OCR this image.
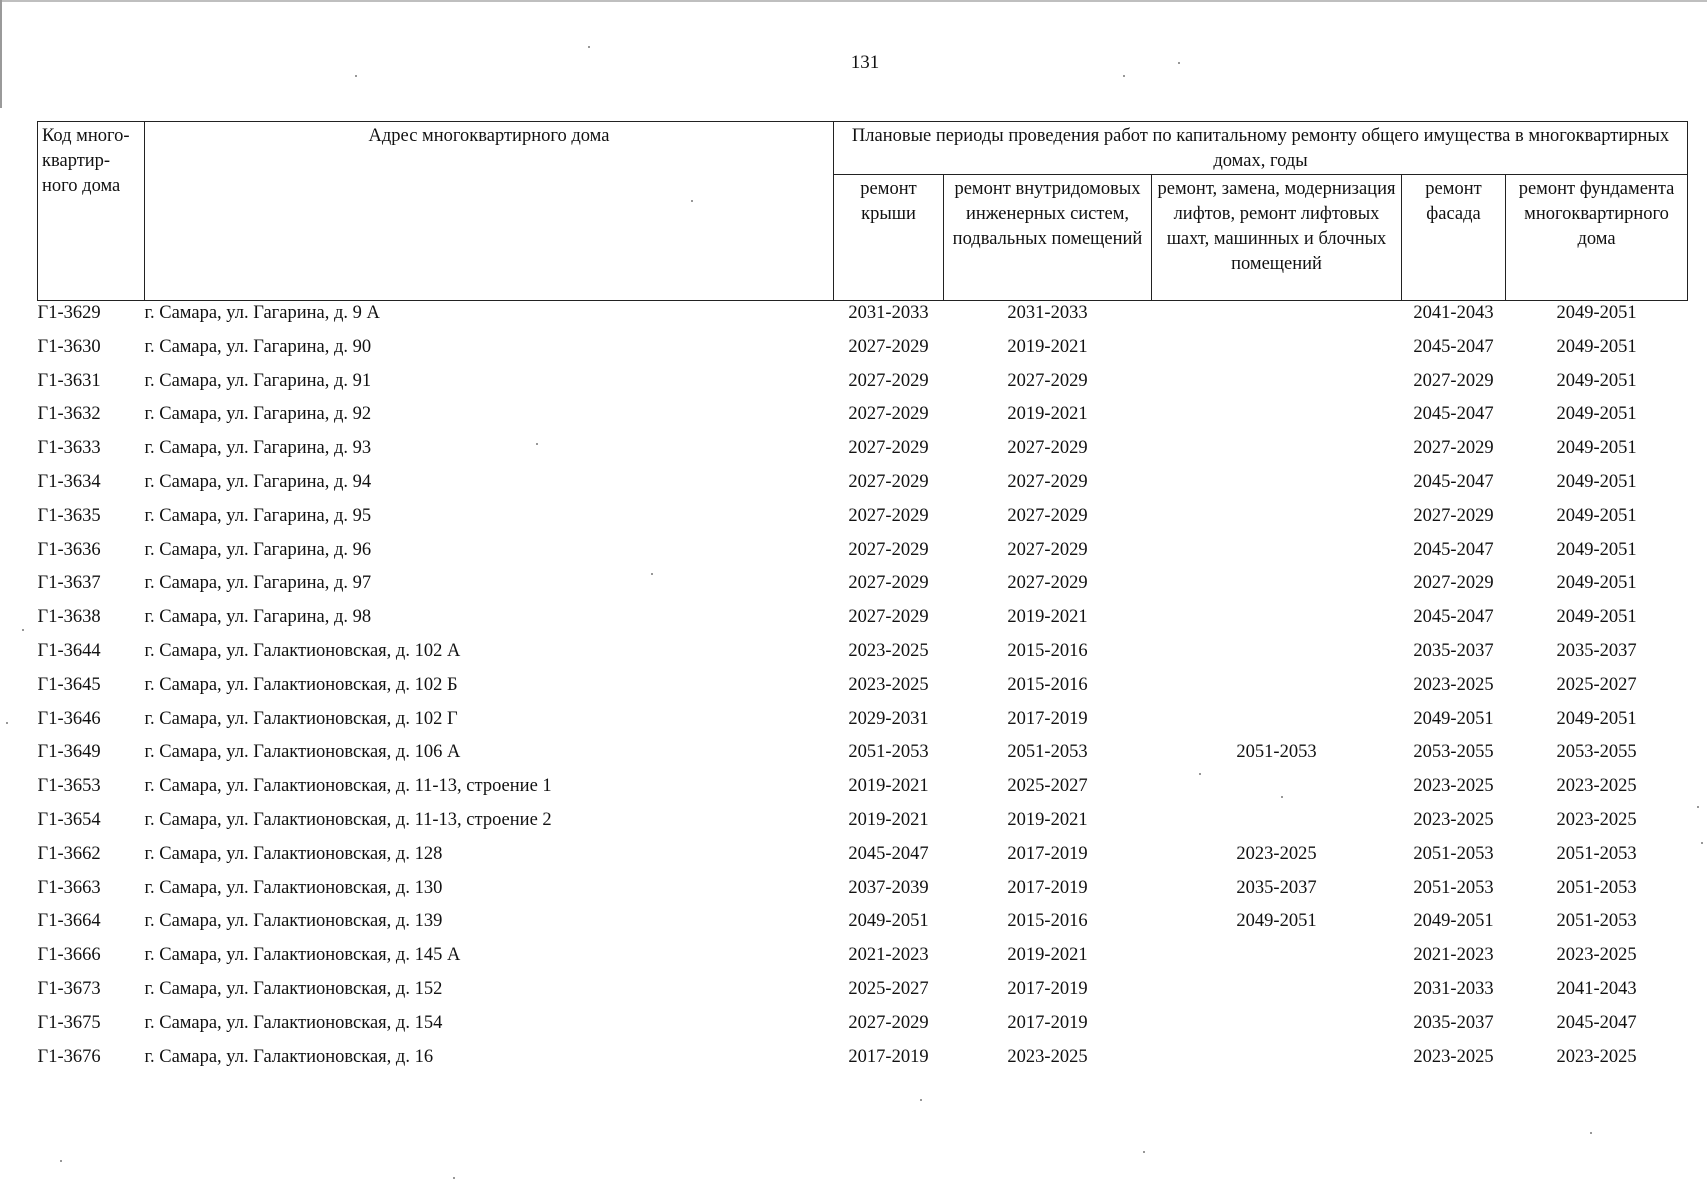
131
Код много-квартир-ного дома	Адрес многоквартирного дома	Плановые периоды проведения работ по капитальному ремонту общего имущества в многоквартирных домах, годы				
		ремонт крыши	ремонт внутридомовых инженерных систем, подвальных помещений	ремонт, замена, модернизация лифтов, ремонт лифтовых шахт, машинных и блочных помещений	ремонт фасада	ремонт фундамента многоквартирного дома
Г1-3629	г. Самара, ул. Гагарина, д. 9 А	2031-2033	2031-2033		2041-2043	2049-2051
Г1-3630	г. Самара, ул. Гагарина, д. 90	2027-2029	2019-2021		2045-2047	2049-2051
Г1-3631	г. Самара, ул. Гагарина, д. 91	2027-2029	2027-2029		2027-2029	2049-2051
Г1-3632	г. Самара, ул. Гагарина, д. 92	2027-2029	2019-2021		2045-2047	2049-2051
Г1-3633	г. Самара, ул. Гагарина, д. 93	2027-2029	2027-2029		2027-2029	2049-2051
Г1-3634	г. Самара, ул. Гагарина, д. 94	2027-2029	2027-2029		2045-2047	2049-2051
Г1-3635	г. Самара, ул. Гагарина, д. 95	2027-2029	2027-2029		2027-2029	2049-2051
Г1-3636	г. Самара, ул. Гагарина, д. 96	2027-2029	2027-2029		2045-2047	2049-2051
Г1-3637	г. Самара, ул. Гагарина, д. 97	2027-2029	2027-2029		2027-2029	2049-2051
Г1-3638	г. Самара, ул. Гагарина, д. 98	2027-2029	2019-2021		2045-2047	2049-2051
Г1-3644	г. Самара, ул. Галактионовская, д. 102 А	2023-2025	2015-2016		2035-2037	2035-2037
Г1-3645	г. Самара, ул. Галактионовская, д. 102 Б	2023-2025	2015-2016		2023-2025	2025-2027
Г1-3646	г. Самара, ул. Галактионовская, д. 102 Г	2029-2031	2017-2019		2049-2051	2049-2051
Г1-3649	г. Самара, ул. Галактионовская, д. 106 А	2051-2053	2051-2053	2051-2053	2053-2055	2053-2055
Г1-3653	г. Самара, ул. Галактионовская, д. 11-13, строение 1	2019-2021	2025-2027		2023-2025	2023-2025
Г1-3654	г. Самара, ул. Галактионовская, д. 11-13, строение 2	2019-2021	2019-2021		2023-2025	2023-2025
Г1-3662	г. Самара, ул. Галактионовская, д. 128	2045-2047	2017-2019	2023-2025	2051-2053	2051-2053
Г1-3663	г. Самара, ул. Галактионовская, д. 130	2037-2039	2017-2019	2035-2037	2051-2053	2051-2053
Г1-3664	г. Самара, ул. Галактионовская, д. 139	2049-2051	2015-2016	2049-2051	2049-2051	2051-2053
Г1-3666	г. Самара, ул. Галактионовская, д. 145 А	2021-2023	2019-2021		2021-2023	2023-2025
Г1-3673	г. Самара, ул. Галактионовская, д. 152	2025-2027	2017-2019		2031-2033	2041-2043
Г1-3675	г. Самара, ул. Галактионовская, д. 154	2027-2029	2017-2019		2035-2037	2045-2047
Г1-3676	г. Самара, ул. Галактионовская, д. 16	2017-2019	2023-2025		2023-2025	2023-2025
